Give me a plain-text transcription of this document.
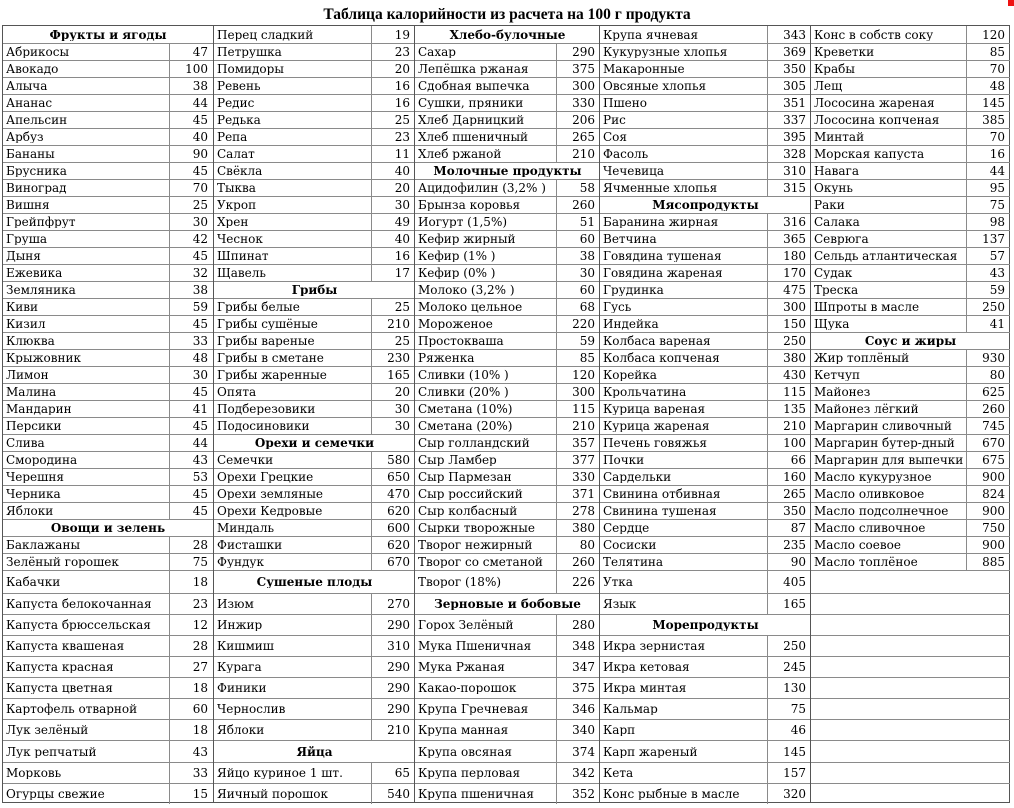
Таблица калорийности из расчета на 100 г продукта
Фрукты и ягоды
Абрикосы	47
Авокадо	100
Алыча	38
Ананас	44
Апельсин	45
Арбуз	40
Бананы	90
Брусника	45
Виноград	70
Вишня	25
Грейпфрут	30
Груша	42
Дыня	45
Ежевика	32
Земляника	38
Киви	59
Кизил	45
Клюква	33
Крыжовник	48
Лимон	30
Малина	45
Мандарин	41
Персики	45
Слива	44
Смородина	43
Черешня	53
Черника	45
Яблоки	45
Овощи и зелень
Баклажаны	28
Зелёный горошек	75
Кабачки	18
Капуста белокочанная	23
Капуста брюссельская	12
Капуста квашеная	28
Капуста красная	27
Капуста цветная	18
Картофель отварной	60
Лук зелёный	18
Лук репчатый	43
Морковь	33
Огурцы свежие	15
Перец сладкий	19
Петрушка	23
Помидоры	20
Ревень	16
Редис	16
Редька	25
Репа	23
Салат	11
Свёкла	40
Тыква	20
Укроп	30
Хрен	49
Чеснок	40
Шпинат	16
Щавель	17
Грибы
Грибы белые	25
Грибы сушёные	210
Грибы вареные	25
Грибы в сметане	230
Грибы жаренные	165
Опята	20
Подберезовики	30
Подосиновики	30
Орехи и семечки
Семечки	580
Орехи Грецкие	650
Орехи земляные	470
Орехи Кедровые	620
Миндаль	600
Фисташки	620
Фундук	670
Сушеные плоды
Изюм	270
Инжир	290
Кишмиш	310
Курага	290
Финики	290
Чернослив	290
Яблоки	210
Яйца
Яйцо куриное 1 шт.	65
Яичный порошок	540
Хлебо-булочные
Сахар	290
Лепёшка ржаная	375
Сдобная выпечка	300
Сушки, пряники	330
Хлеб Дарницкий	206
Хлеб пшеничный	265
Хлеб ржаной	210
Молочные продукты
Ацидофилин (3,2% )	58
Брынза коровья	260
Йогурт (1,5%)	51
Кефир жирный	60
Кефир (1% )	38
Кефир (0% )	30
Молоко (3,2% )	60
Молоко цельное	68
Мороженое	220
Простокваша	59
Ряженка	85
Сливки (10% )	120
Сливки (20% )	300
Сметана (10%)	115
Сметана (20%)	210
Сыр голландский	357
Сыр Ламбер	377
Сыр Пармезан	330
Сыр российский	371
Сыр колбасный	278
Сырки творожные	380
Творог нежирный	80
Творог со сметаной	260
Творог (18%)	226
Зерновые и бобовые
Горох Зелёный	280
Мука Пшеничная	348
Мука Ржаная	347
Какао-порошок	375
Крупа Гречневая	346
Крупа манная	340
Крупа овсяная	374
Крупа перловая	342
Крупа пшеничная	352
Крупа ячневая	343
Кукурузные хлопья	369
Макаронные	350
Овсяные хлопья	305
Пшено	351
Рис	337
Соя	395
Фасоль	328
Чечевица	310
Ячменные хлопья	315
Мясопродукты
Баранина жирная	316
Ветчина	365
Говядина тушеная	180
Говядина жареная	170
Грудинка	475
Гусь	300
Индейка	150
Колбаса вареная	250
Колбаса копченая	380
Корейка	430
Крольчатина	115
Курица вареная	135
Курица жареная	210
Печень говяжья	100
Почки	66
Сардельки	160
Свинина отбивная	265
Свинина тушеная	350
Сердце	87
Сосиски	235
Телятина	90
Утка	405
Язык	165
Морепродукты
Икра зернистая	250
Икра кетовая	245
Икра минтая	130
Кальмар	75
Карп	46
Карп жареный	145
Кета	157
Конс рыбные в масле	320
Конс в собств соку	120
Креветки	85
Крабы	70
Лещ	48
Лососина жареная	145
Лососина копченая	385
Минтай	70
Морская капуста	16
Навага	44
Окунь	95
Раки	75
Салака	98
Севрюга	137
Сельдь атлантическая	57
Судак	43
Треска	59
Шпроты в масле	250
Щука	41
Соус и жиры
Жир топлёный	930
Кетчуп	80
Майонез	625
Майонез лёгкий	260
Маргарин сливочный	745
Маргарин бутер-дный	670
Маргарин для выпечки	675
Масло кукурузное	900
Масло оливковое	824
Масло подсолнечное	900
Масло сливочное	750
Масло соевое	900
Масло топлёное	885
